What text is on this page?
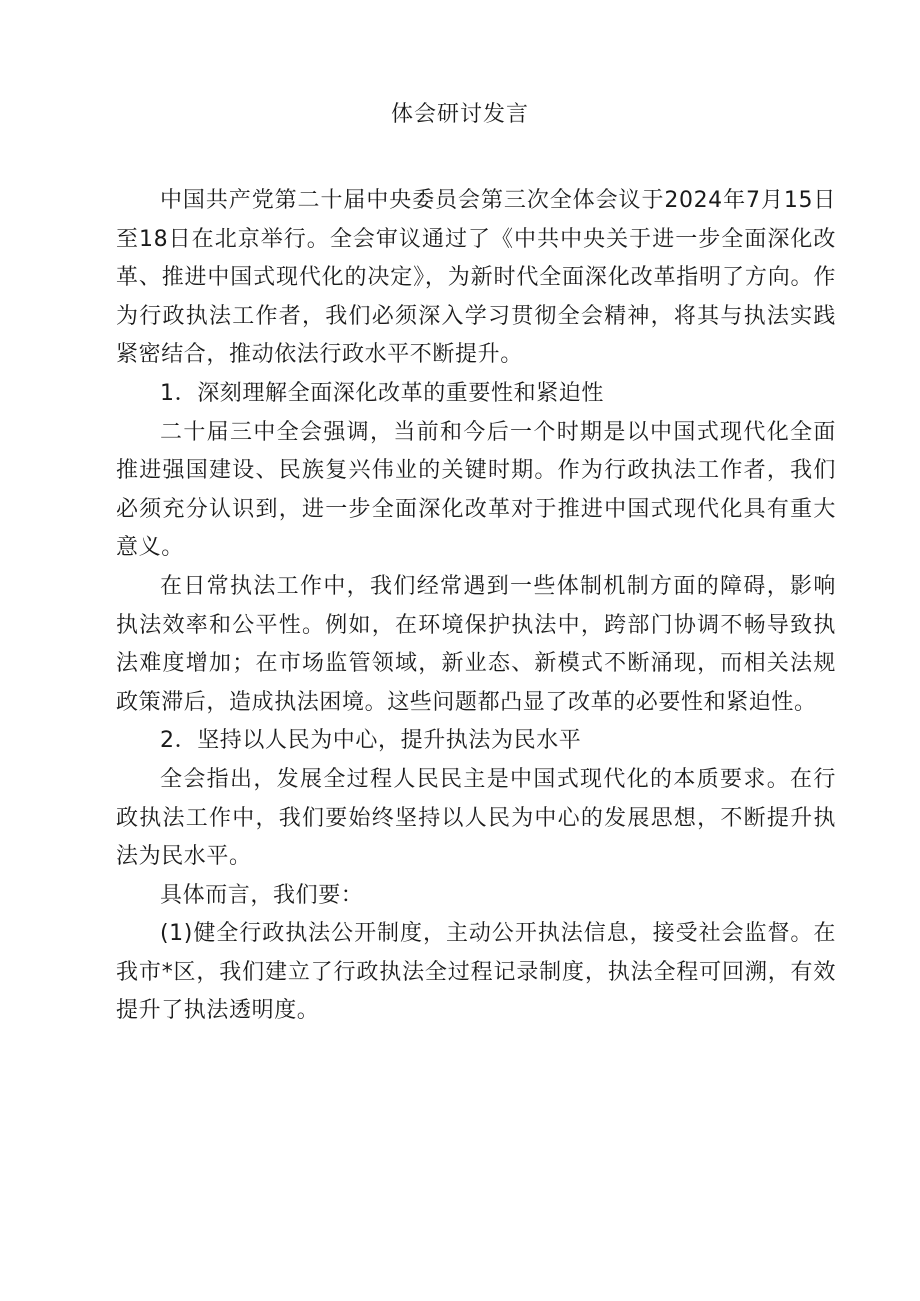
体会研讨发言

中国共产党第二十届中央委员会第三次全体会议于2024年7月15日至18日在北京举行。全会审议通过了《中共中央关于进一步全面深化改革、推进中国式现代化的决定》，为新时代全面深化改革指明了方向。作为行政执法工作者，我们必须深入学习贯彻全会精神，将其与执法实践紧密结合，推动依法行政水平不断提升。

1．深刻理解全面深化改革的重要性和紧迫性

二十届三中全会强调，当前和今后一个时期是以中国式现代化全面推进强国建设、民族复兴伟业的关键时期。作为行政执法工作者，我们必须充分认识到，进一步全面深化改革对于推进中国式现代化具有重大意义。

在日常执法工作中，我们经常遇到一些体制机制方面的障碍，影响执法效率和公平性。例如，在环境保护执法中，跨部门协调不畅导致执法难度增加；在市场监管领域，新业态、新模式不断涌现，而相关法规政策滞后，造成执法困境。这些问题都凸显了改革的必要性和紧迫性。

2．坚持以人民为中心，提升执法为民水平

全会指出，发展全过程人民民主是中国式现代化的本质要求。在行政执法工作中，我们要始终坚持以人民为中心的发展思想，不断提升执法为民水平。

具体而言，我们要：

(1)健全行政执法公开制度，主动公开执法信息，接受社会监督。在我市*区，我们建立了行政执法全过程记录制度，执法全程可回溯，有效提升了执法透明度。
